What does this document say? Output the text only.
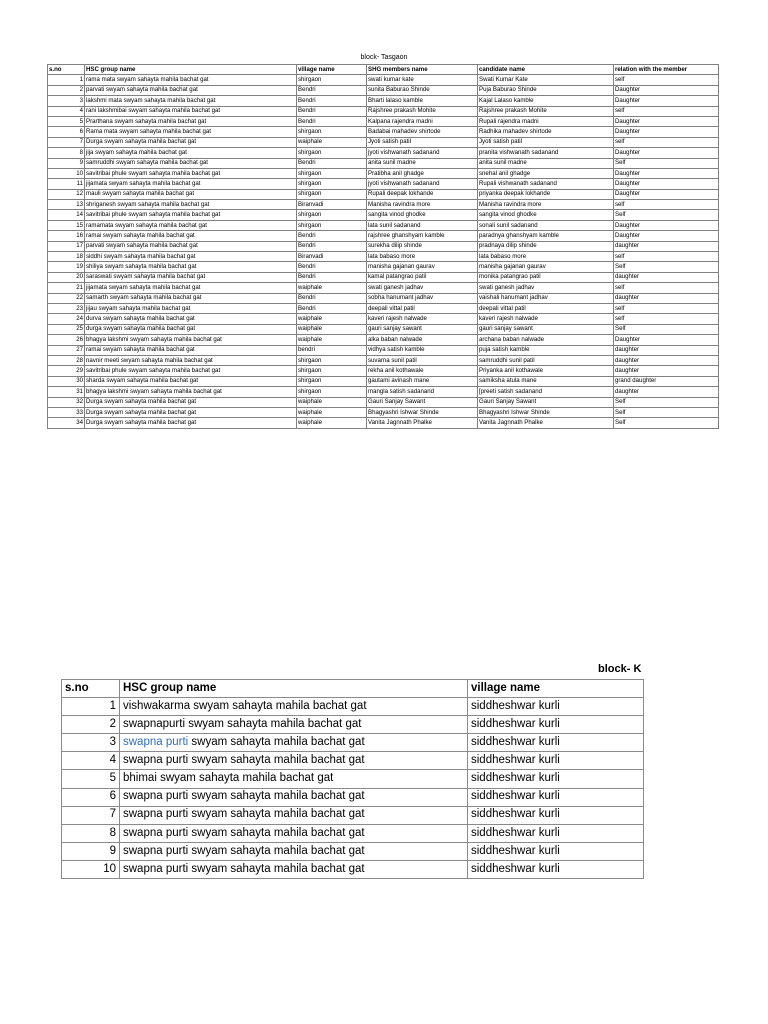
block- Tasgaon
s.no	HSC group name	village name	SHG members name	candidate name	relation with the member
1	rama mata swyam sahayta mahila bachat gat	shirgaon	swati kumar kate	Swati Kumar Kate	self
2	parvati swyam sahayta mahila bachat gat	Bendri	sunita Baburao Shinde	Puja Baburao Shinde	Daughter
3	lakshmi mata swyam sahayta mahila bachat gat	Bendri	Bharti lalaso kamble	Kajal Lalaso kamble	Daughter
4	rani lakshmibai swyam sahayta mahila bachat gat	Bendri	Rajshree prakash Mohite	Rajshree prakash Mohite	self
5	Prarthana swyam sahayta mahila bachat gat	Bendri	Kalpana rajendra madni	Rupali rajendra madni	Daughter
6	Rama mata swyam sahayta mahila bachat gat	shirgaon	Badabai mahadev shirtode	Radhika mahadev shirtode	Daughter
7	Durga swyam sahayta mahila bachat gat	waiphale	Jyoti satish patil	Jyoti satish patil	self
8	jija swyam sahayta mahila bachat gat	shirgaon	jyoti vishwanath sadanand	pranita vishwanath sadanand	Daughter
9	samruddhi swyam sahayta mahila bachat gat	Bendri	anita sunil madne	anita sunil madne	Self
10	savitribai phule swyam sahayta mahila bachat gat	shirgaon	Pratibha anil ghadge	snehal anil ghadge	Daughter
11	jijamata swyam sahayta mahila bachat gat	shirgaon	jyoti vishwanath sadanand	Rupali vishwanath sadanand	Daughter
12	mauli swyam sahayta mahila bachat gat	shirgaon	Rupali deepak lokhande	priyanka deepak lokhande	Daughter
13	shriganesh swyam sahayta mahila bachat gat	Biranvadi	Manisha ravindra more	Manisha ravindra more	self
14	savitribai phule swyam sahayta mahila bachat gat	shirgaon	sangita vinod ghodke	sangita vinod ghodke	Self
15	ramamata swyam sahayta mahila bachat gat	shirgaon	lata sunil sadanand	sonali sunil sadanand	Daughter
16	ramai swyam sahayta mahila bachat gat	Bendri	rajshree ghanshyam kamble	paradnya ghanshyam kamble	Daughter
17	parvati swyam sahayta mahila bachat gat	Bendri	surekha dilip shinde	pradnaya dilip shinde	daughter
18	siddhi swyam sahayta mahila bachat gat	Biranvadi	lata babaso more	lata babaso more	self
19	shiliya swyam sahayta mahila bachat gat	Bendri	manisha gajanan gaurav	manisha gajanan gaurav	Self
20	saraswati swyam sahayta mahila bachat gat	Bendri	kamal patangrao patil	monika patangrao patil	daughter
21	jijamata swyam sahayta mahila bachat gat	waiphale	swati ganesh jadhav	swati ganesh jadhav	self
22	samarth swyam sahayta mahila bachat gat	Bendri	sobha hanumant jadhav	vaishali hanumant jadhav	daughter
23	jijau swyam sahayta mahila bachat gat	Bendri	deepali vittal patil	deepali vittal patil	self
24	durva swyam sahayta mahila bachat gat	waiphale	kaveri rajesh nalwade	kaveri rajesh nalwade	self
25	durga swyam sahayta mahila bachat gat	waiphale	gauri sanjay sawant	gauri sanjay sawant	Self
26	bhagya lakshmi swyam sahayta mahila bachat gat	waiphale	alka baban nalwade	archana baban nalwade	Daughter
27	ramai swyam sahayta mahila bachat gat	bendri	vidhya satish kamble	puja satish kamble	daughter
28	navnir meeti swyam sahayta mahila bachat gat	shirgaon	suvarna sunil patil	samruddhi sunil patil	daughter
29	savitribai phule swyam sahayta mahila bachat gat	shirgaon	rekha anil kothawale	Priyanka anil kothawale	daughter
30	sharda swyam sahayta mahila bachat gat	shirgaon	gautami avinash mane	samiksha atula mane	grand daughter
31	bhagya lakshmi swyam sahayta mahila bachat gat	shirgaon	mangla satish sadanand	[preeti satish sadanand	daughter
32	Durga swyam sahayta mahila bachat gat	waiphale	Gauri Sanjay Sawant	Gauri Sanjay Sawant	Self
33	Durga swyam sahayta mahila bachat gat	waiphale	Bhagyashri Ishwar Shinde	Bhagyashri Ishwar Shinde	Self
34	Durga swyam sahayta mahila bachat gat	waiphale	Vanita Jagnnath Phalke	Vanita Jagnnath Phalke	Self
block- K
s.no	HSC group name	village name
1	vishwakarma swyam sahayta mahila bachat gat	siddheshwar kurli
2	swapnapurti swyam sahayta mahila bachat gat	siddheshwar kurli
3	swapna purti swyam sahayta mahila bachat gat	siddheshwar kurli
4	swapna purti swyam sahayta mahila bachat gat	siddheshwar kurli
5	bhimai swyam sahayta mahila bachat gat	siddheshwar kurli
6	swapna purti swyam sahayta mahila bachat gat	siddheshwar kurli
7	swapna purti swyam sahayta mahila bachat gat	siddheshwar kurli
8	swapna purti swyam sahayta mahila bachat gat	siddheshwar kurli
9	swapna purti swyam sahayta mahila bachat gat	siddheshwar kurli
10	swapna purti swyam sahayta mahila bachat gat	siddheshwar kurli
